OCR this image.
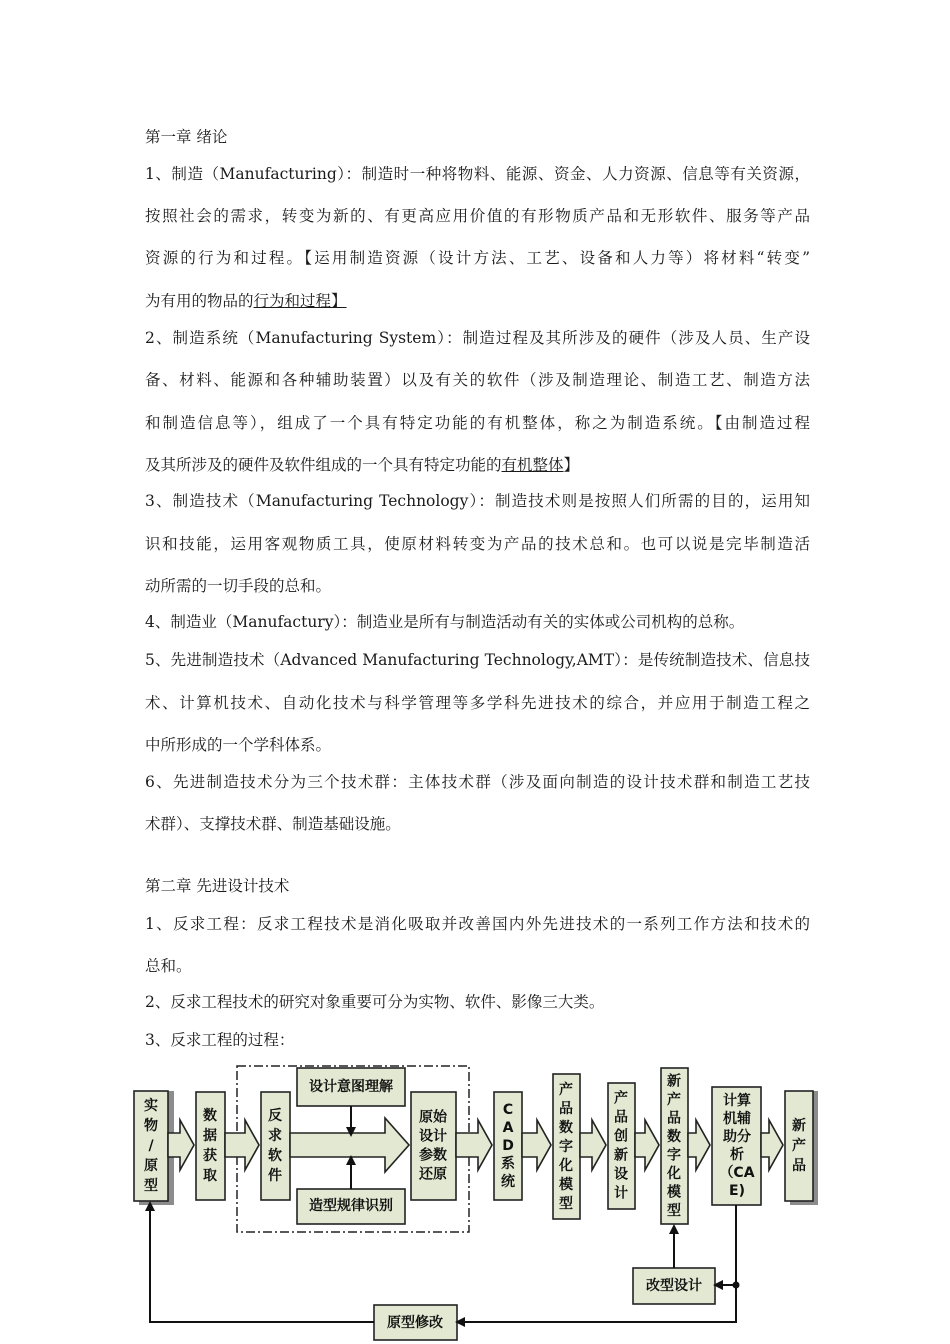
第一章 绪论
1、制造（Manufacturing）：制造时一种将物料、能源、资金、人力资源、信息等有关资源，
按照社会的需求，转变为新的、有更高应用价值的有形物质产品和无形软件、服务等产品
资源的行为和过程。【运用制造资源（设计方法、工艺、设备和人力等）将材料“转变”
为有用的物品的行为和过程】
2、制造系统（Manufacturing System）：制造过程及其所涉及的硬件（涉及人员、生产设
备、材料、能源和各种辅助装置）以及有关的软件（涉及制造理论、制造工艺、制造方法
和制造信息等），组成了一个具有特定功能的有机整体，称之为制造系统。【由制造过程
及其所涉及的硬件及软件组成的一个具有特定功能的有机整体】
3、制造技术（Manufacturing Technology）：制造技术则是按照人们所需的目的，运用知
识和技能，运用客观物质工具，使原材料转变为产品的技术总和。也可以说是完毕制造活
动所需的一切手段的总和。
4、制造业（Manufactury）：制造业是所有与制造活动有关的实体或公司机构的总称。
5、先进制造技术（Advanced Manufacturing Technology,AMT）：是传统制造技术、信息技
术、计算机技术、自动化技术与科学管理等多学科先进技术的综合，并应用于制造工程之
中所形成的一个学科体系。
6、先进制造技术分为三个技术群：主体技术群（涉及面向制造的设计技术群和制造工艺技
术群）、支撑技术群、制造基础设施。
第二章 先进设计技术
1、反求工程：反求工程技术是消化吸取并改善国内外先进技术的一系列工作方法和技术的
总和。
2、反求工程技术的研究对象重要可分为实物、软件、影像三大类。
3、反求工程的过程：
实
物
/
原
型
数
据
获
取
反
求
软
件
原始
设计
参数
还原
C
A
D
系
统
产
品
数
字
化
模
型
产
品
创
新
设
计
新
产
品
数
字
化
模
型
计算
机辅
助分
析
（CA
E)
新
产
品
设计意图理解
造型规律识别
改型设计
原型修改
